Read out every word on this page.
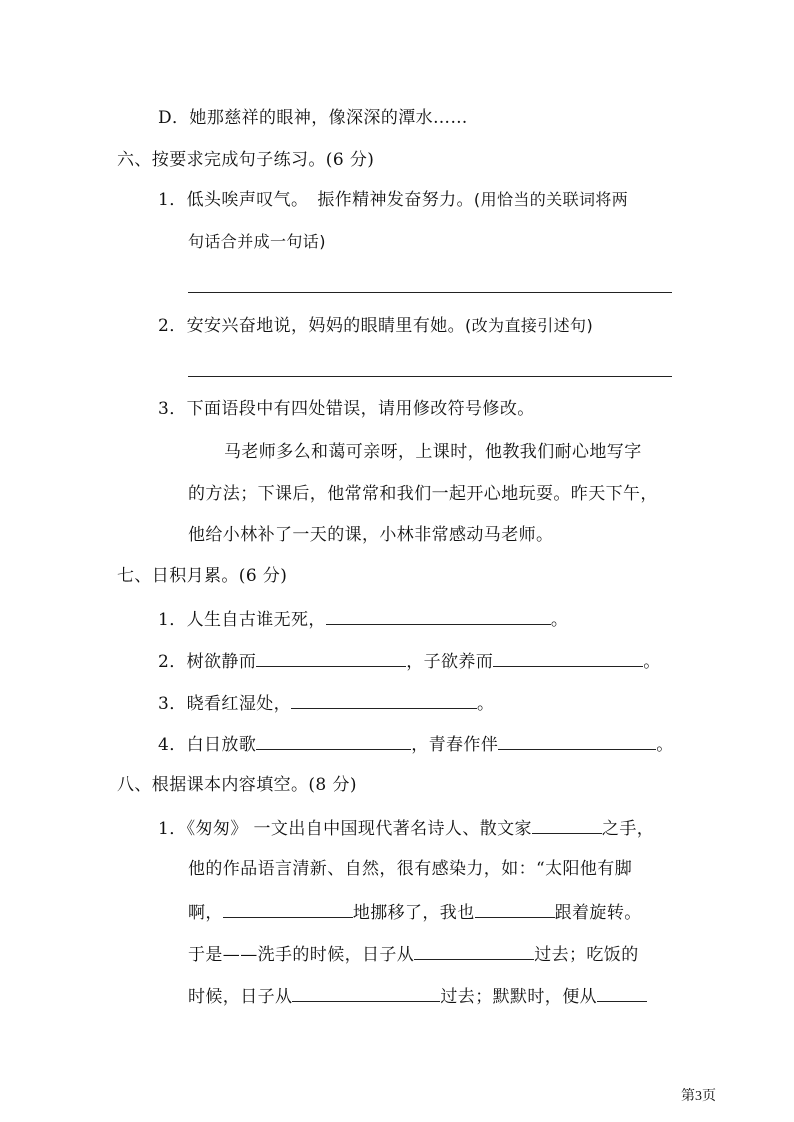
D．她那慈祥的眼神，像深深的潭水……
六、按要求完成句子练习。(6 分)
1．低头唉声叹气。　振作精神发奋努力。(用恰当的关联词将两
句话合并成一句话)
2．安安兴奋地说，妈妈的眼睛里有她。(改为直接引述句)
3．下面语段中有四处错误，请用修改符号修改。
马老师多么和蔼可亲呀，上课时，他教我们耐心地写字
的方法；下课后，他常常和我们一起开心地玩耍。昨天下午，
他给小林补了一天的课，小林非常感动马老师。
七、日积月累。(6 分)
1．人生自古谁无死，	。
2．树欲静而	，子欲养而	。
3．晓看红湿处，	。
4．白日放歌	，青春作伴	。
八、根据课本内容填空。(8 分)
1．《匆匆》 一文出自中国现代著名诗人、散文家	之手，
他的作品语言清新、自然，很有感染力，如：“太阳他有脚
啊，	地挪移了，我也	跟着旋转。
于是——洗手的时候，日子从	过去；吃饭的
时候，日子从	过去；默默时，便从
第3页
